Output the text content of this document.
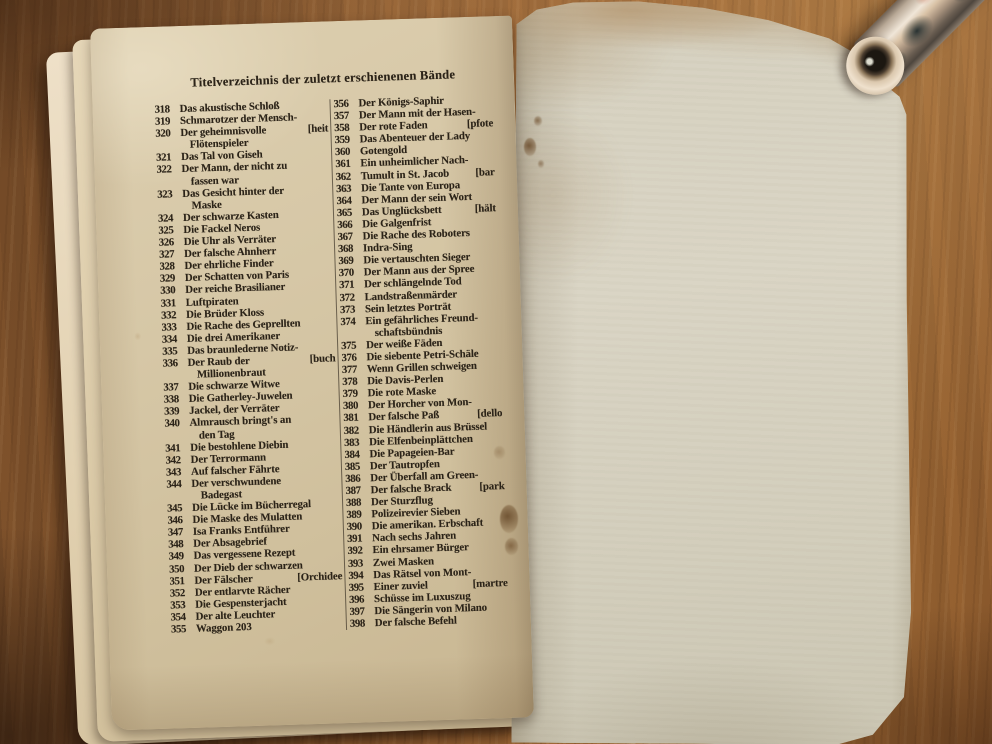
Titelverzeichnis der zuletzt erschienenen Bände
318 Das akustische Schloß
319 Schmarotzer der Mensch-
320 Der geheimnisvolle	[heit
Flötenspieler
321 Das Tal von Giseh
322 Der Mann, der nicht zu
fassen war
323 Das Gesicht hinter der
Maske
324 Der schwarze Kasten
325 Die Fackel Neros
326 Die Uhr als Verräter
327 Der falsche Ahnherr
328 Der ehrliche Finder
329 Der Schatten von Paris
330 Der reiche Brasilianer
331 Luftpiraten
332 Die Brüder Kloss
333 Die Rache des Geprellten
334 Die drei Amerikaner
335 Das braunlederne Notiz-
336 Der Raub der	[buch
Millionenbraut
337 Die schwarze Witwe
338 Die Gatherley-Juwelen
339 Jackel, der Verräter
340 Almrausch bringt's an
den Tag
341 Die bestohlene Diebin
342 Der Terrormann
343 Auf falscher Fährte
344 Der verschwundene
Badegast
345 Die Lücke im Bücherregal
346 Die Maske des Mulatten
347 Isa Franks Entführer
348 Der Absagebrief
349 Das vergessene Rezept
350 Der Dieb der schwarzen
351 Der Fälscher	[Orchidee
352 Der entlarvte Rächer
353 Die Gespensterjacht
354 Der alte Leuchter
355 Waggon 203
356 Der Königs-Saphir
357 Der Mann mit der Hasen-
358 Der rote Faden	[pfote
359 Das Abenteuer der Lady
360 Gotengold
361 Ein unheimlicher Nach-
362 Tumult in St. Jacob	[bar
363 Die Tante von Europa
364 Der Mann der sein Wort
365 Das Unglücksbett	[hält
366 Die Galgenfrist
367 Die Rache des Roboters
368 Indra-Sing
369 Die vertauschten Sieger
370 Der Mann aus der Spree
371 Der schlängelnde Tod
372 Landstraßenmärder
373 Sein letztes Porträt
374 Ein gefährliches Freund-
schaftsbündnis
375 Der weiße Fäden
376 Die siebente Petri-Schäle
377 Wenn Grillen schweigen
378 Die Davis-Perlen
379 Die rote Maske
380 Der Horcher von Mon-
381 Der falsche Paß	[dello
382 Die Händlerin aus Brüssel
383 Die Elfenbeinplättchen
384 Die Papageien-Bar
385 Der Tautropfen
386 Der Überfall am Green-
387 Der falsche Brack	[park
388 Der Sturzflug
389 Polizeirevier Sieben
390 Die amerikan. Erbschaft
391 Nach sechs Jahren
392 Ein ehrsamer Bürger
393 Zwei Masken
394 Das Rätsel von Mont-
395 Einer zuviel	[martre
396 Schüsse im Luxuszug
397 Die Sängerin von Milano
398 Der falsche Befehl
